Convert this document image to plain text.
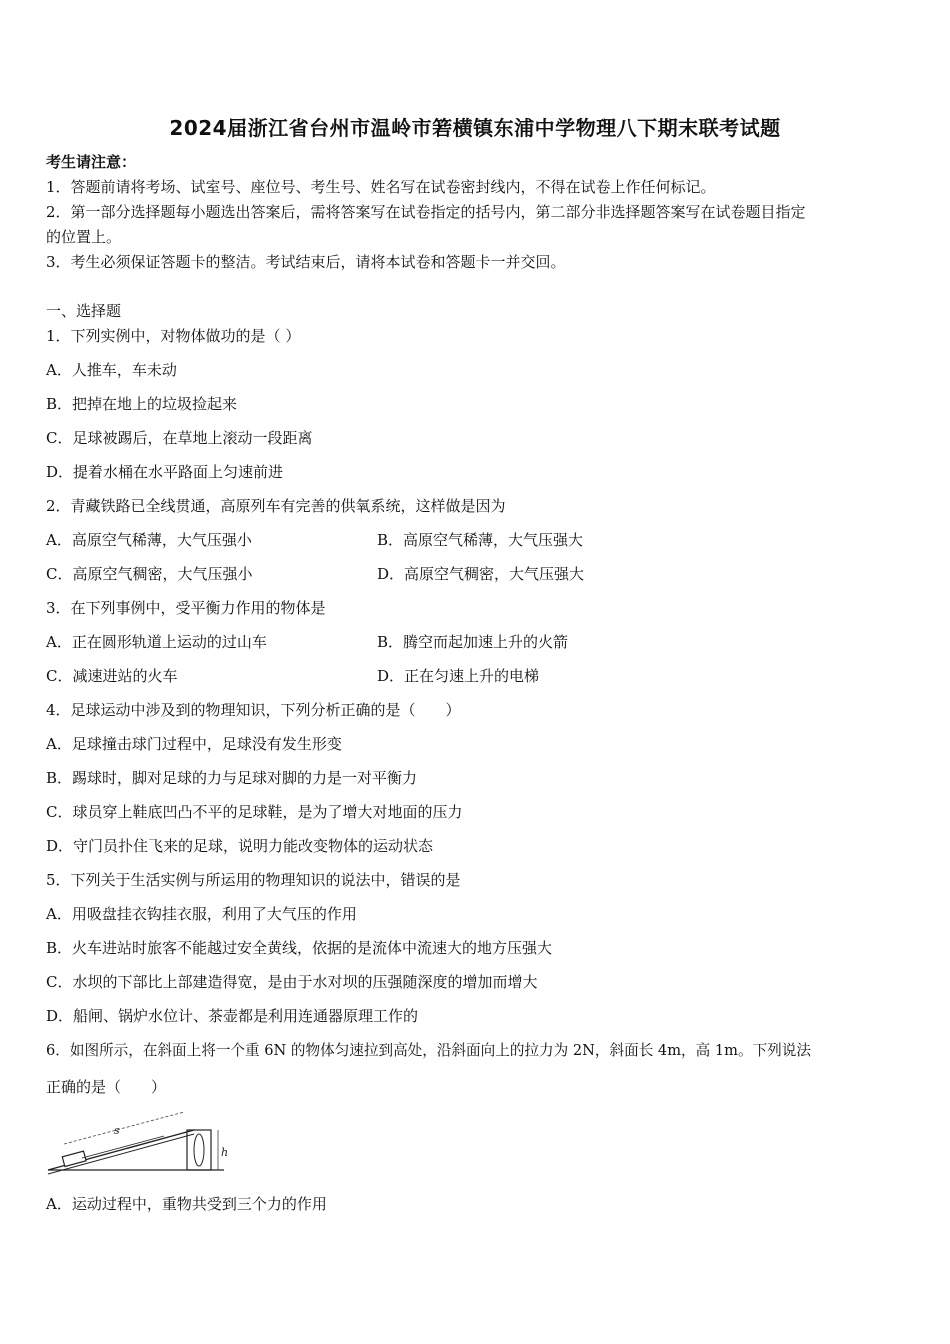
2024届浙江省台州市温岭市箬横镇东浦中学物理八下期末联考试题
考生请注意：
1．答题前请将考场、试室号、座位号、考生号、姓名写在试卷密封线内，不得在试卷上作任何标记。
2．第一部分选择题每小题选出答案后，需将答案写在试卷指定的括号内，第二部分非选择题答案写在试卷题目指定
的位置上。
3．考生必须保证答题卡的整洁。考试结束后，请将本试卷和答题卡一并交回。
一、选择题
1．下列实例中，对物体做功的是（ ）
A．人推车，车未动
B．把掉在地上的垃圾捡起来
C．足球被踢后，在草地上滚动一段距离
D．提着水桶在水平路面上匀速前进
2．青藏铁路已全线贯通，高原列车有完善的供氧系统，这样做是因为
A．高原空气稀薄，大气压强小	B．高原空气稀薄，大气压强大
C．高原空气稠密，大气压强小	D．高原空气稠密，大气压强大
3．在下列事例中，受平衡力作用的物体是
A．正在圆形轨道上运动的过山车	B．腾空而起加速上升的火箭
C．减速进站的火车	D．正在匀速上升的电梯
4．足球运动中涉及到的物理知识，下列分析正确的是（　　）
A．足球撞击球门过程中，足球没有发生形变
B．踢球时，脚对足球的力与足球对脚的力是一对平衡力
C．球员穿上鞋底凹凸不平的足球鞋，是为了增大对地面的压力
D．守门员扑住飞来的足球，说明力能改变物体的运动状态
5．下列关于生活实例与所运用的物理知识的说法中，错误的是
A．用吸盘挂衣钩挂衣服，利用了大气压的作用
B．火车进站时旅客不能越过安全黄线，依据的是流体中流速大的地方压强大
C．水坝的下部比上部建造得宽，是由于水对坝的压强随深度的增加而增大
D．船闸、锅炉水位计、茶壶都是利用连通器原理工作的
6．如图所示，在斜面上将一个重 6N 的物体匀速拉到高处，沿斜面向上的拉力为 2N，斜面长 4m，高 1m。下列说法
正确的是（　　）
s
h
A．运动过程中，重物共受到三个力的作用
